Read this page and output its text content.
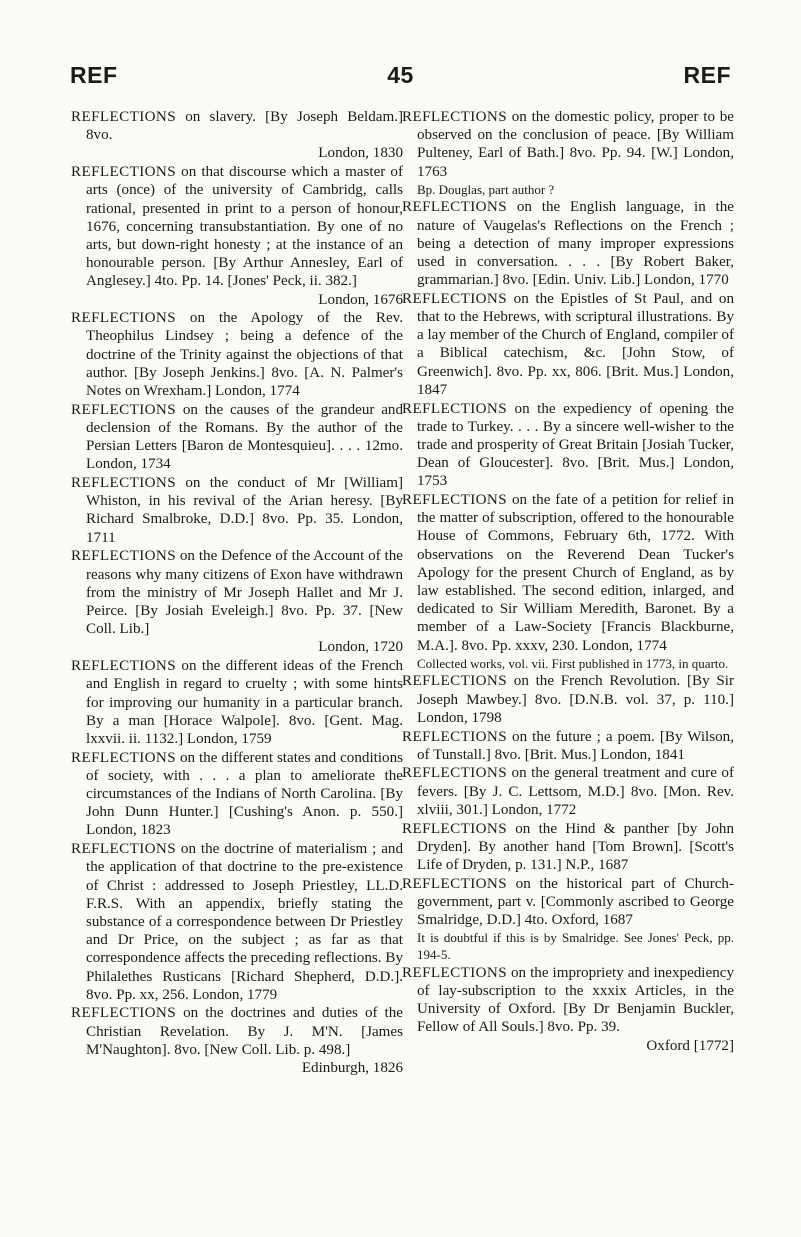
REF	45	REF
REFLECTIONS on slavery. [By Joseph Beldam.] 8vo.
London, 1830
REFLECTIONS on that discourse which a master of arts (once) of the university of Cambridg, calls rational, presented in print to a person of honour, 1676, concerning transubstantiation. By one of no arts, but down-right honesty ; at the instance of an honourable person. [By Arthur Annesley, Earl of Anglesey.] 4to. Pp. 14. [Jones' Peck, ii. 382.]
London, 1676
REFLECTIONS on the Apology of the Rev. Theophilus Lindsey ; being a defence of the doctrine of the Trinity against the objections of that author. [By Joseph Jenkins.] 8vo. [A. N. Palmer's Notes on Wrexham.] London, 1774
REFLECTIONS on the causes of the grandeur and declension of the Romans. By the author of the Persian Letters [Baron de Montesquieu]. . . . 12mo. London, 1734
REFLECTIONS on the conduct of Mr [William] Whiston, in his revival of the Arian heresy. [By Richard Smalbroke, D.D.] 8vo. Pp. 35. London, 1711
REFLECTIONS on the Defence of the Account of the reasons why many citizens of Exon have withdrawn from the ministry of Mr Joseph Hallet and Mr J. Peirce. [By Josiah Eveleigh.] 8vo. Pp. 37. [New Coll. Lib.]
London, 1720
REFLECTIONS on the different ideas of the French and English in regard to cruelty ; with some hints for improving our humanity in a particular branch. By a man [Horace Walpole]. 8vo. [Gent. Mag. lxxvii. ii. 1132.] London, 1759
REFLECTIONS on the different states and conditions of society, with . . . a plan to ameliorate the circumstances of the Indians of North Carolina. [By John Dunn Hunter.] [Cushing's Anon. p. 550.] London, 1823
REFLECTIONS on the doctrine of materialism ; and the application of that doctrine to the pre-existence of Christ : addressed to Joseph Priestley, LL.D. F.R.S. With an appendix, briefly stating the substance of a correspondence between Dr Priestley and Dr Price, on the subject ; as far as that correspondence affects the preceding reflections. By Philalethes Rusticans [Richard Shepherd, D.D.]. 8vo. Pp. xx, 256. London, 1779
REFLECTIONS on the doctrines and duties of the Christian Revelation. By J. M'N. [James M'Naughton]. 8vo. [New Coll. Lib. p. 498.]
Edinburgh, 1826
REFLECTIONS on the domestic policy, proper to be observed on the conclusion of peace. [By William Pulteney, Earl of Bath.] 8vo. Pp. 94. [W.] London, 1763
Bp. Douglas, part author ?
REFLECTIONS on the English language, in the nature of Vaugelas's Reflections on the French ; being a detection of many improper expressions used in conversation. . . . [By Robert Baker, grammarian.] 8vo. [Edin. Univ. Lib.] London, 1770
REFLECTIONS on the Epistles of St Paul, and on that to the Hebrews, with scriptural illustrations. By a lay member of the Church of England, compiler of a Biblical catechism, &c. [John Stow, of Greenwich]. 8vo. Pp. xx, 806. [Brit. Mus.] London, 1847
REFLECTIONS on the expediency of opening the trade to Turkey. . . . By a sincere well-wisher to the trade and prosperity of Great Britain [Josiah Tucker, Dean of Gloucester]. 8vo. [Brit. Mus.] London, 1753
REFLECTIONS on the fate of a petition for relief in the matter of subscription, offered to the honourable House of Commons, February 6th, 1772. With observations on the Reverend Dean Tucker's Apology for the present Church of England, as by law established. The second edition, inlarged, and dedicated to Sir William Meredith, Baronet. By a member of a Law-Society [Francis Blackburne, M.A.]. 8vo. Pp. xxxv, 230. London, 1774
Collected works, vol. vii. First published in 1773, in quarto.
REFLECTIONS on the French Revolution. [By Sir Joseph Mawbey.] 8vo. [D.N.B. vol. 37, p. 110.] London, 1798
REFLECTIONS on the future ; a poem. [By Wilson, of Tunstall.] 8vo. [Brit. Mus.] London, 1841
REFLECTIONS on the general treatment and cure of fevers. [By J. C. Lettsom, M.D.] 8vo. [Mon. Rev. xlviii, 301.] London, 1772
REFLECTIONS on the Hind & panther [by John Dryden]. By another hand [Tom Brown]. [Scott's Life of Dryden, p. 131.] N.P., 1687
REFLECTIONS on the historical part of Church-government, part v. [Commonly ascribed to George Smalridge, D.D.] 4to. Oxford, 1687
It is doubtful if this is by Smalridge. See Jones' Peck, pp. 194-5.
REFLECTIONS on the impropriety and inexpediency of lay-subscription to the xxxix Articles, in the University of Oxford. [By Dr Benjamin Buckler, Fellow of All Souls.] 8vo. Pp. 39.
Oxford [1772]
